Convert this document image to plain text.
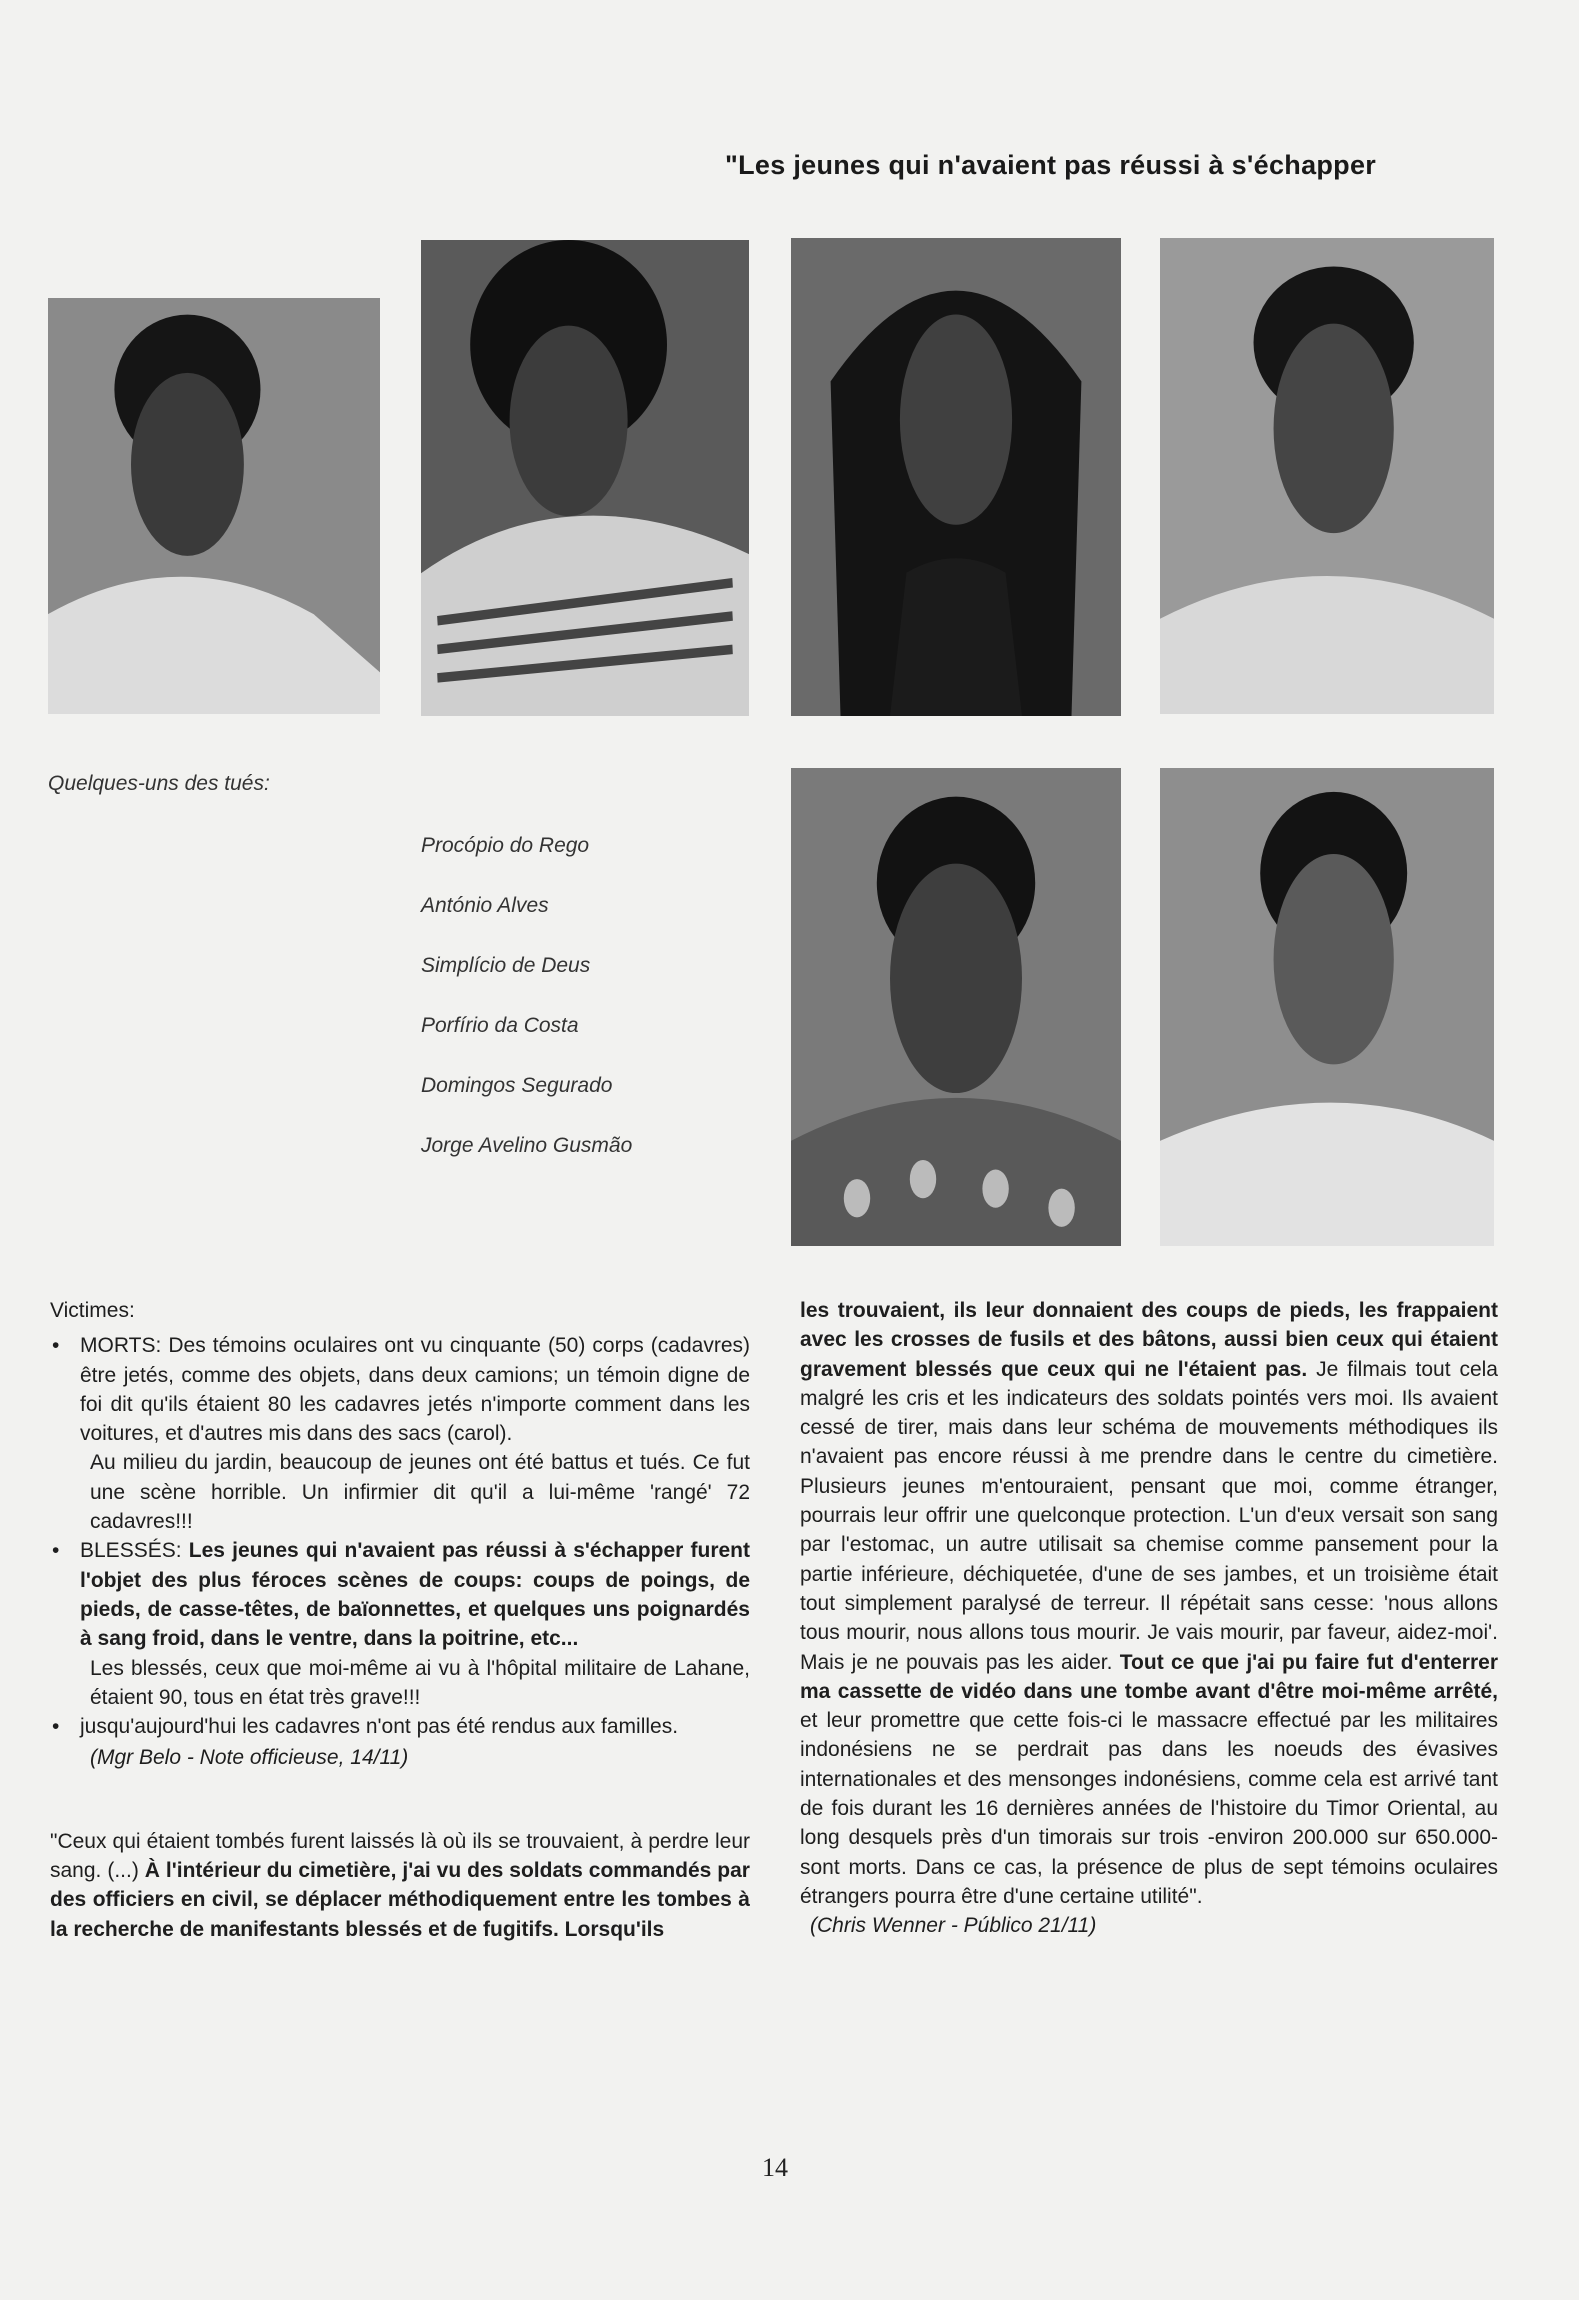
"Les jeunes qui n'avaient pas réussi à s'échapper
Quelques-uns des tués:
Procópio do Rego
António Alves
Simplício de Deus
Porfírio da Costa
Domingos Segurado
Jorge Avelino Gusmão

Victimes:

• MORTS: Des témoins oculaires ont vu cinquante (50) corps (cadavres) être jetés, comme des objets, dans deux camions; un témoin digne de foi dit qu'ils étaient 80 les cadavres jetés n'importe comment dans les voitures, et d'autres mis dans des sacs (carol).

Au milieu du jardin, beaucoup de jeunes ont été battus et tués. Ce fut une scène horrible. Un infirmier dit qu'il a lui-même 'rangé' 72 cadavres!!!

• BLESSÉS: Les jeunes qui n'avaient pas réussi à s'échapper furent l'objet des plus féroces scènes de coups: coups de poings, de pieds, de casse-têtes, de baïonnettes, et quelques uns poignardés à sang froid, dans le ventre, dans la poitrine, etc...

Les blessés, ceux que moi-même ai vu à l'hôpital militaire de Lahane, étaient 90, tous en état très grave!!!

• jusqu'aujourd'hui les cadavres n'ont pas été rendus aux familles.

(Mgr Belo - Note officieuse, 14/11)

"Ceux qui étaient tombés furent laissés là où ils se trouvaient, à perdre leur sang. (...) À l'intérieur du cimetière, j'ai vu des soldats commandés par des officiers en civil, se déplacer méthodiquement entre les tombes à la recherche de manifestants blessés et de fugitifs. Lorsqu'ils

les trouvaient, ils leur donnaient des coups de pieds, les frappaient avec les crosses de fusils et des bâtons, aussi bien ceux qui étaient gravement blessés que ceux qui ne l'étaient pas. Je filmais tout cela malgré les cris et les indicateurs des soldats pointés vers moi. Ils avaient cessé de tirer, mais dans leur schéma de mouvements méthodiques ils n'avaient pas encore réussi à me prendre dans le centre du cimetière. Plusieurs jeunes m'entouraient, pensant que moi, comme étranger, pourrais leur offrir une quelconque protection. L'un d'eux versait son sang par l'estomac, un autre utilisait sa chemise comme pansement pour la partie inférieure, déchiquetée, d'une de ses jambes, et un troisième était tout simplement paralysé de terreur. Il répétait sans cesse: 'nous allons tous mourir, nous allons tous mourir. Je vais mourir, par faveur, aidez-moi'. Mais je ne pouvais pas les aider. Tout ce que j'ai pu faire fut d'enterrer ma cassette de vidéo dans une tombe avant d'être moi-même arrêté, et leur promettre que cette fois-ci le massacre effectué par les militaires indonésiens ne se perdrait pas dans les noeuds des évasives internationales et des mensonges indonésiens, comme cela est arrivé tant de fois durant les 16 dernières années de l'histoire du Timor Oriental, au long desquels près d'un timorais sur trois -environ 200.000 sur 650.000- sont morts. Dans ce cas, la présence de plus de sept témoins oculaires étrangers pourra être d'une certaine utilité".

(Chris Wenner - Público 21/11)

14
